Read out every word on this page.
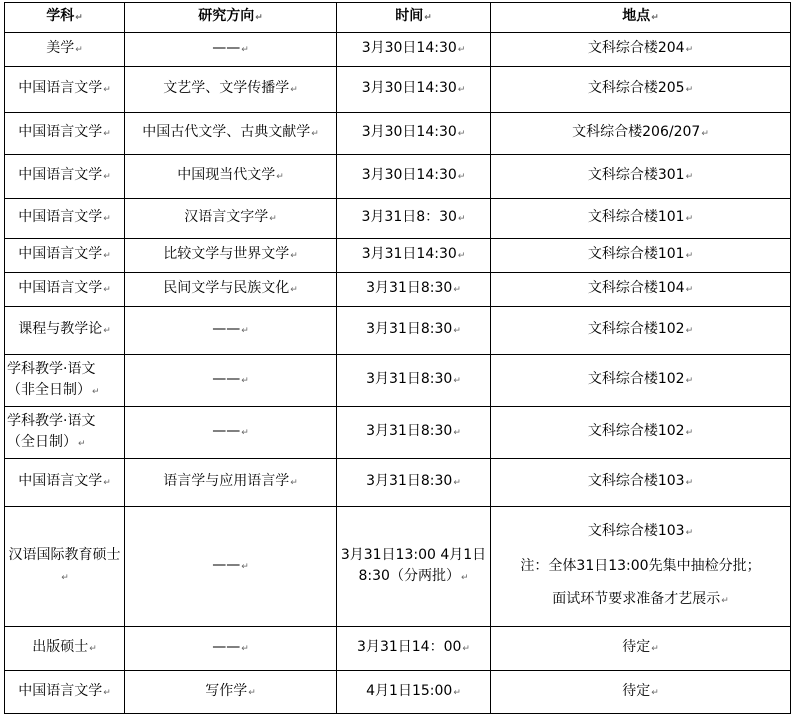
学科↵	研究方向↵	时间↵	地点↵
美学↵	——↵	3月30日14:30↵	文科综合楼204↵
中国语言文学↵	文艺学、文学传播学↵	3月30日14:30↵	文科综合楼205↵
中国语言文学↵	中国古代文学、古典文献学↵	3月30日14:30↵	文科综合楼206/207↵
中国语言文学↵	中国现当代文学↵	3月30日14:30↵	文科综合楼301↵
中国语言文学↵	汉语言文字学↵	3月31日8：30↵	文科综合楼101↵
中国语言文学↵	比较文学与世界文学↵	3月31日14:30↵	文科综合楼101↵
中国语言文学↵	民间文学与民族文化↵	3月31日8:30↵	文科综合楼104↵
课程与教学论↵	——↵	3月31日8:30↵	文科综合楼102↵
学科教学·语文（非全日制）↵	——↵	3月31日8:30↵	文科综合楼102↵
学科教学·语文（全日制）↵	——↵	3月31日8:30↵	文科综合楼102↵
中国语言文学↵	语言学与应用语言学↵	3月31日8:30↵	文科综合楼103↵
汉语国际教育硕士↵	——↵	3月31日13:00 4月1日8:30（分两批）↵	文科综合楼103↵
注：全体31日13:00先集中抽检分批；
面试环节要求准备才艺展示↵

出版硕士↵	——↵	3月31日14：00↵	待定↵
中国语言文学↵	写作学↵	4月1日15:00↵	待定↵
